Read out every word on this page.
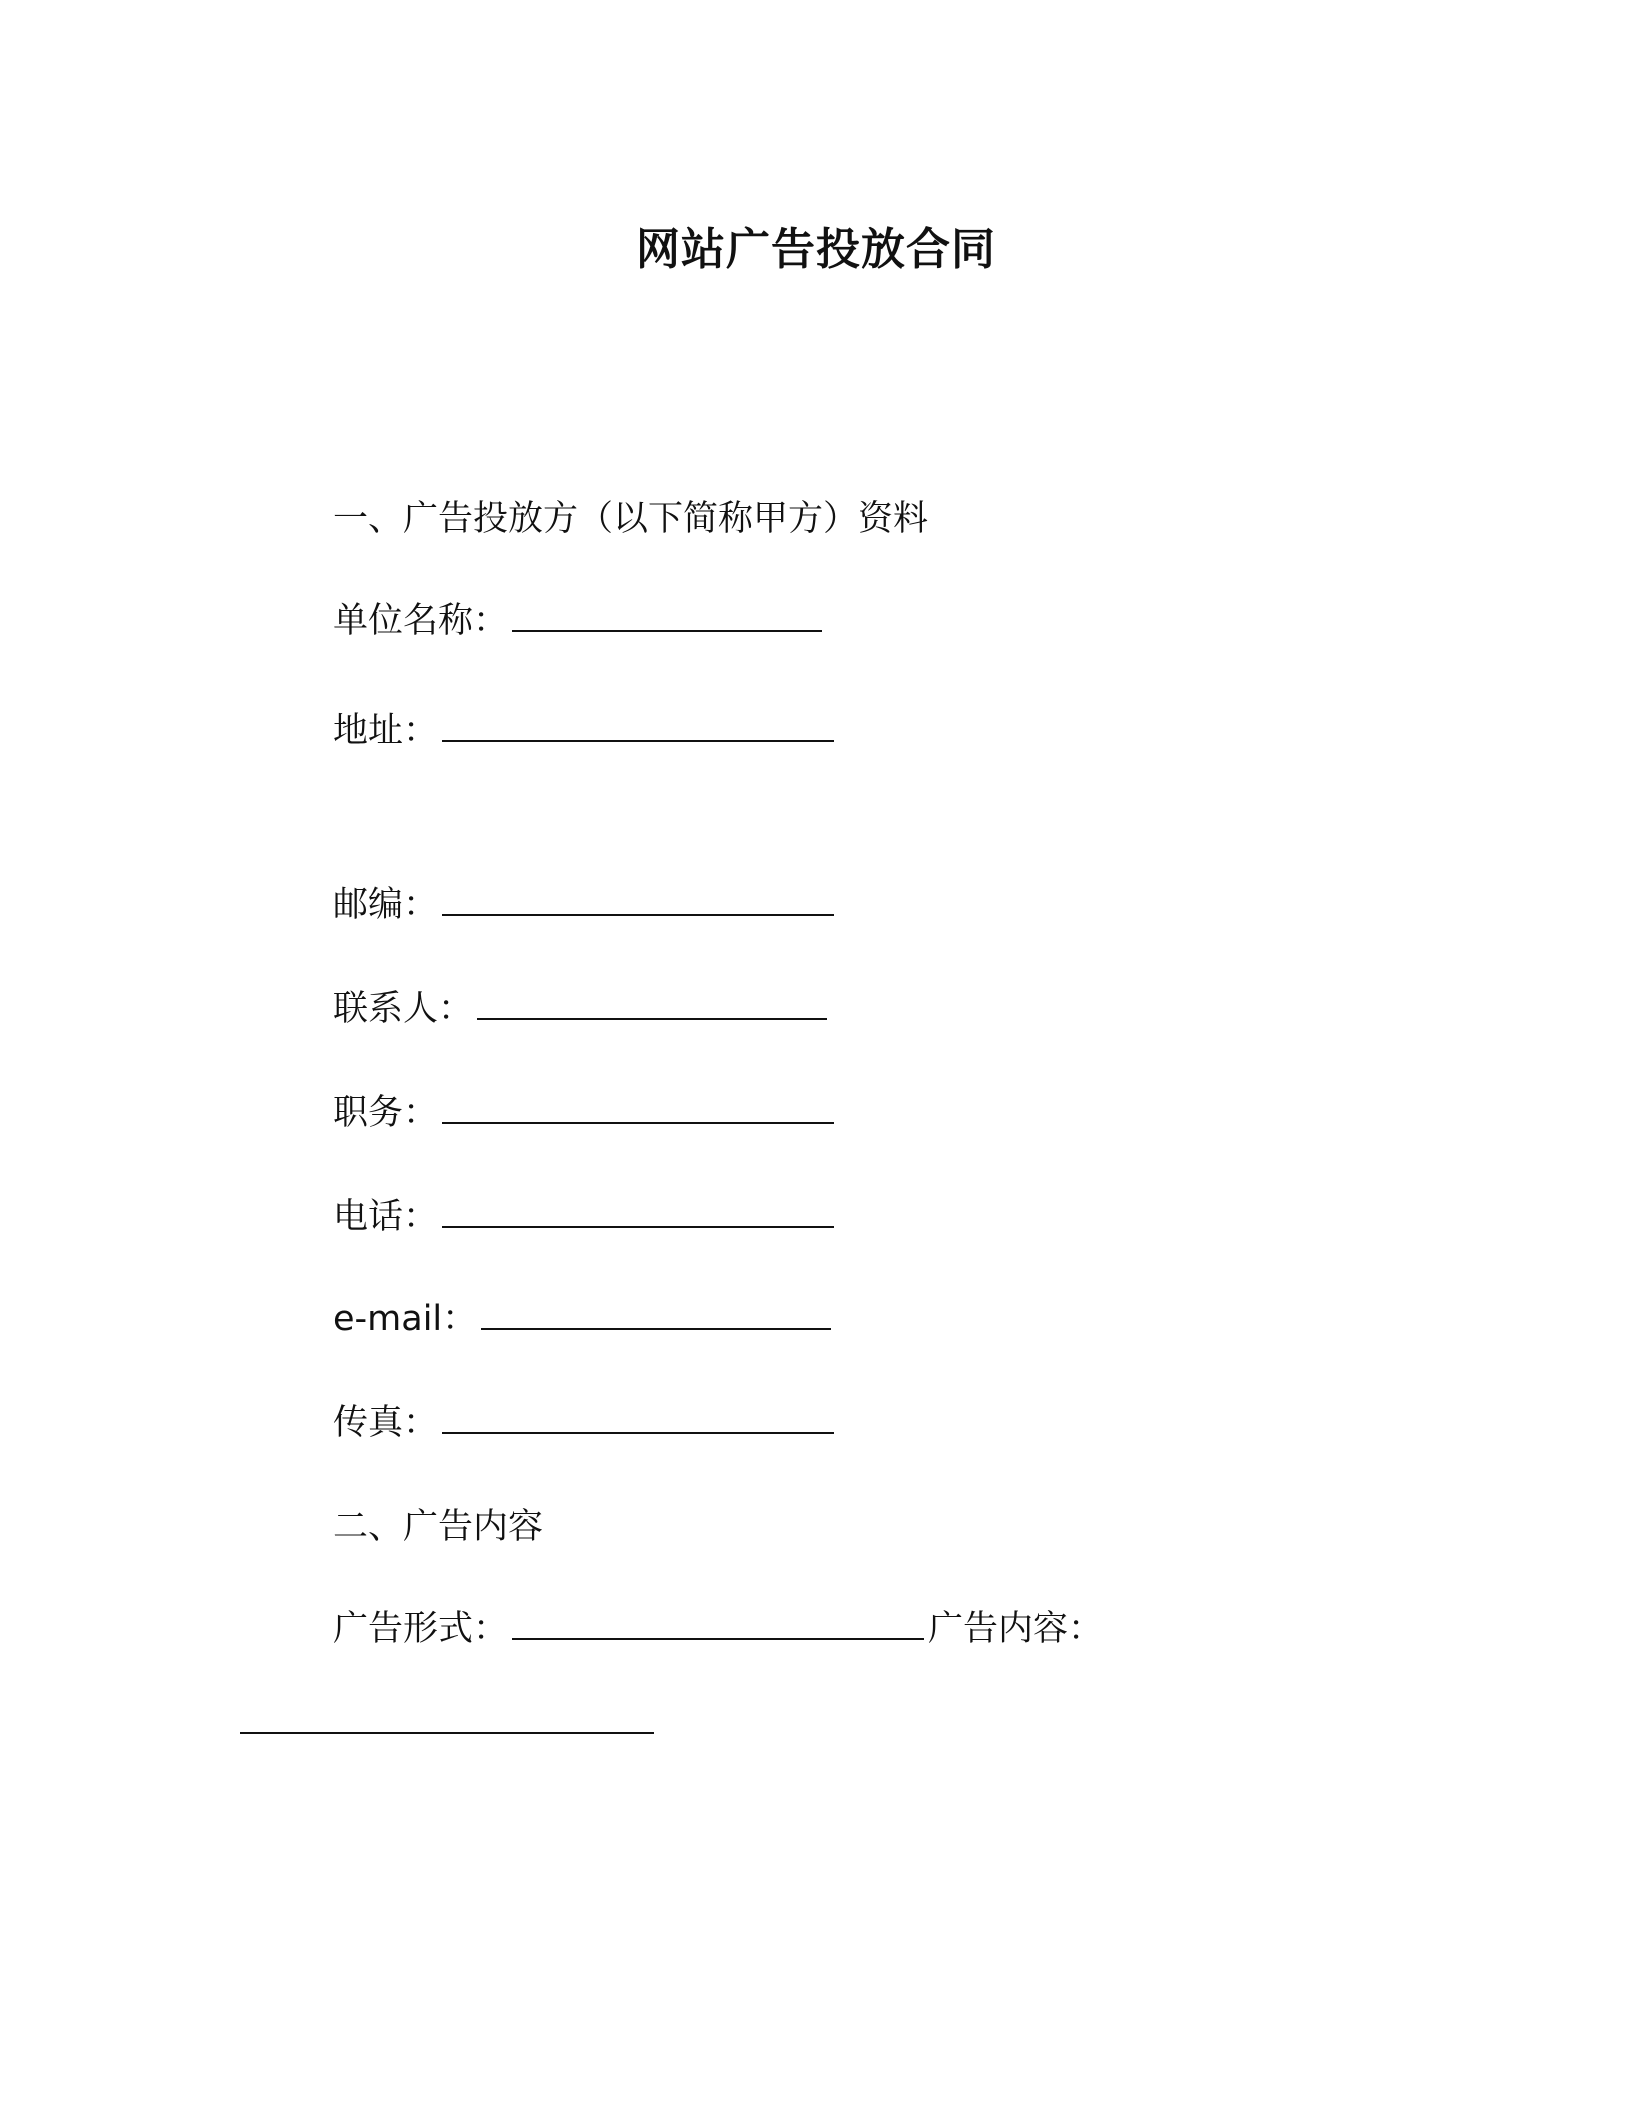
网站广告投放合同
一、广告投放方（以下简称甲方）资料
单位名称：
地址：
邮编：
联系人：
职务：
电话：
e-mail：
传真：
二、广告内容
广告形式：	广告内容：
